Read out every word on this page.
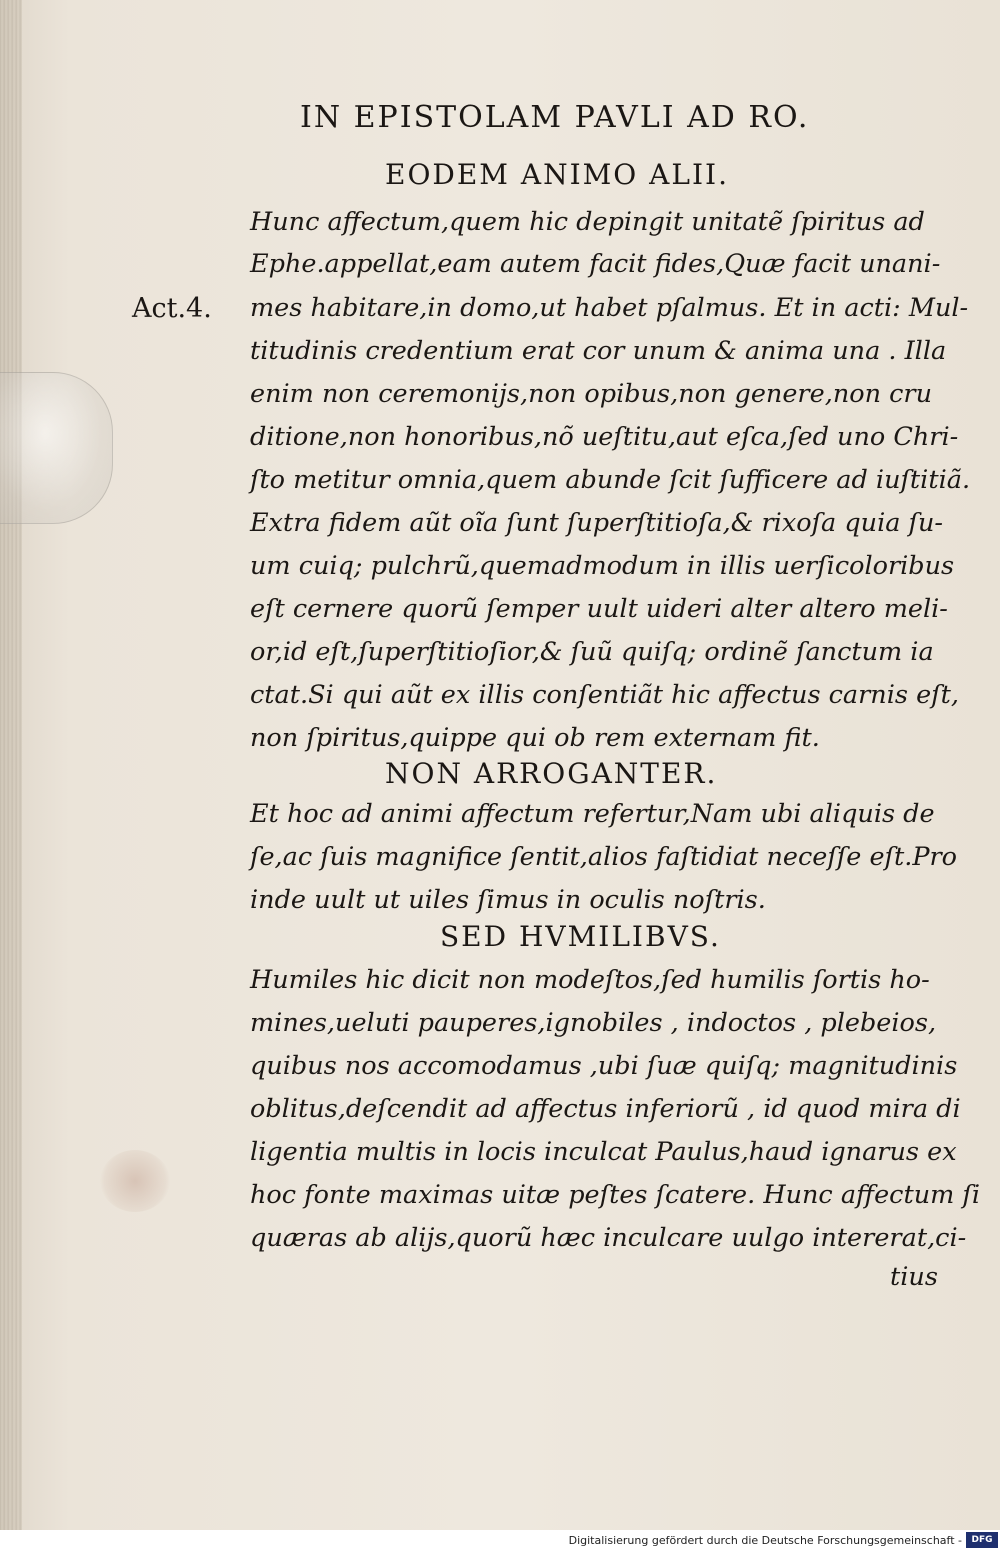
IN EPISTOLAM PAVLI AD RO.
Act.4.
EODEM ANIMO ALII.
Hunc affectum,quem hic depingit unitatẽ ſpiritus ad
Ephe.appellat,eam autem facit fides,Quæ facit unani-
mes habitare,in domo,ut habet pſalmus. Et in acti: Mul-
titudinis credentium erat cor unum & anima una . Illa
enim non ceremonijs,non opibus,non genere,non cru
ditione,non honoribus,nõ ueſtitu,aut eſca,ſed uno Chri-
ſto metitur omnia,quem abunde ſcit ſufficere ad iuſtitiã.
Extra fidem aũt oĩa ſunt ſuperſtitioſa,& rixoſa quia ſu-
um cuiq; pulchrũ,quemadmodum in illis uerſicoloribus
eſt cernere quorũ ſemper uult uideri alter altero meli-
or,id eſt,ſuperſtitioſior,& ſuũ quiſq; ordinẽ ſanctum ia
ctat.Si qui aũt ex illis conſentiãt hic affectus carnis eſt,
non ſpiritus,quippe qui ob rem externam fit.
NON ARROGANTER.
Et hoc ad animi affectum refertur,Nam ubi aliquis de
ſe,ac ſuis magnifice ſentit,alios faſtidiat neceſſe eſt.Pro
inde uult ut uiles ſimus in oculis noſtris.
SED HVMILIBVS.
Humiles hic dicit non modeſtos,ſed humilis ſortis ho-
mines,ueluti pauperes,ignobiles , indoctos , plebeios,
quibus nos accomodamus ,ubi ſuæ quiſq; magnitudinis
oblitus,deſcendit ad affectus inferiorũ , id quod mira di
ligentia multis in locis inculcat Paulus,haud ignarus ex
hoc fonte maximas uitæ peſtes ſcatere. Hunc affectum ſi
quæras ab alijs,quorũ hæc inculcare uulgo intererat,ci-
tius
Digitalisierung gefördert durch die Deutsche Forschungsgemeinschaft -	DFG
